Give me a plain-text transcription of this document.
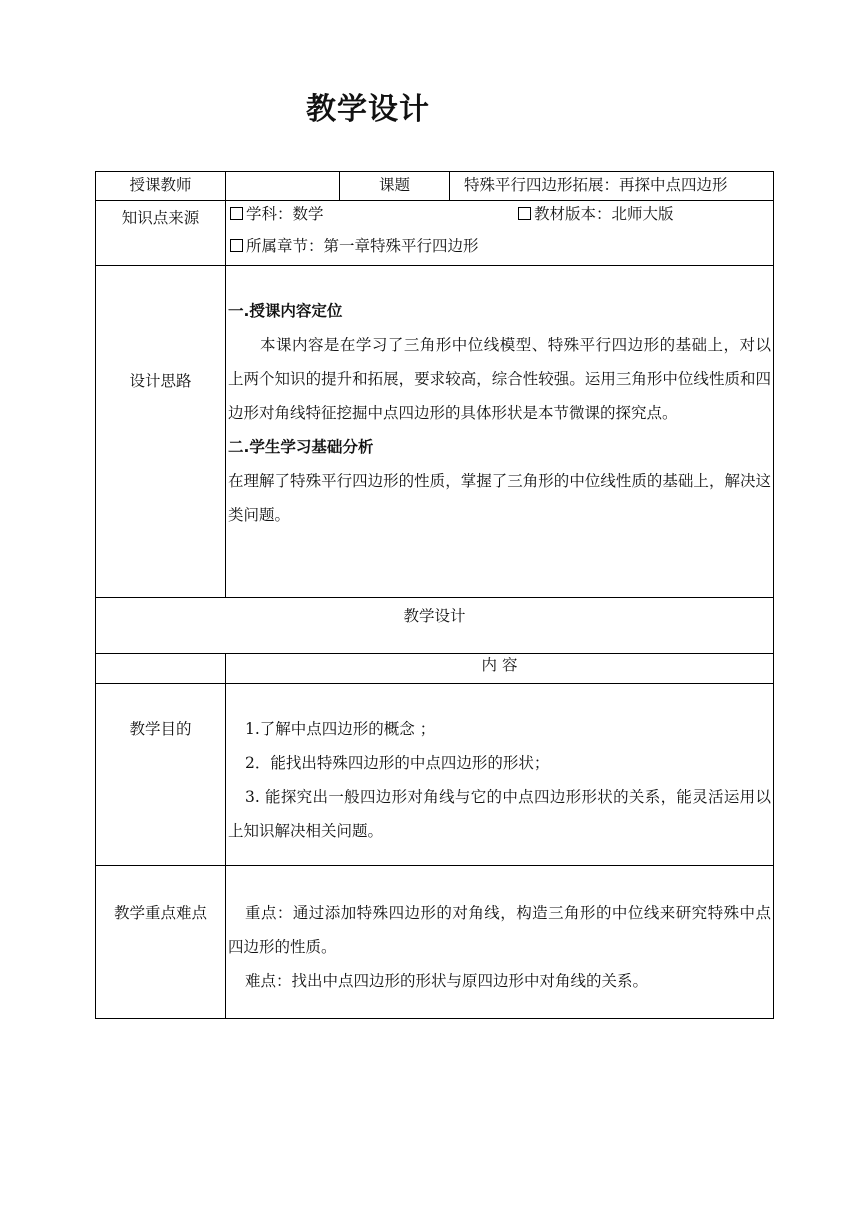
教学设计
授课教师		课题	特殊平行四边形拓展：再探中点四边形

知识点来源	学科：数学 教材版本：北师大版
所属章节：第一章特殊平行四边形		

设计思路	一.授课内容定位
本课内容是在学习了三角形中位线模型、特殊平行四边形的基础上，对以上两个知识的提升和拓展，要求较高，综合性较强。运用三角形中位线性质和四边形对角线特征挖掘中点四边形的具体形状是本节微课的探究点。
二.学生学习基础分析
在理解了特殊平行四边形的性质，掌握了三角形的中位线性质的基础上，解决这类问题。		

教学设计			

	内 容		

教学目的	1.了解中点四边形的概念 ；
2．能找出特殊四边形的中点四边形的形状；
3. 能探究出一般四边形对角线与它的中点四边形形状的关系，能灵活运用以上知识解决相关问题。		

教学重点难点	重点：通过添加特殊四边形的对角线，构造三角形的中位线来研究特殊中点四边形的性质。
难点：找出中点四边形的形状与原四边形中对角线的关系。		
